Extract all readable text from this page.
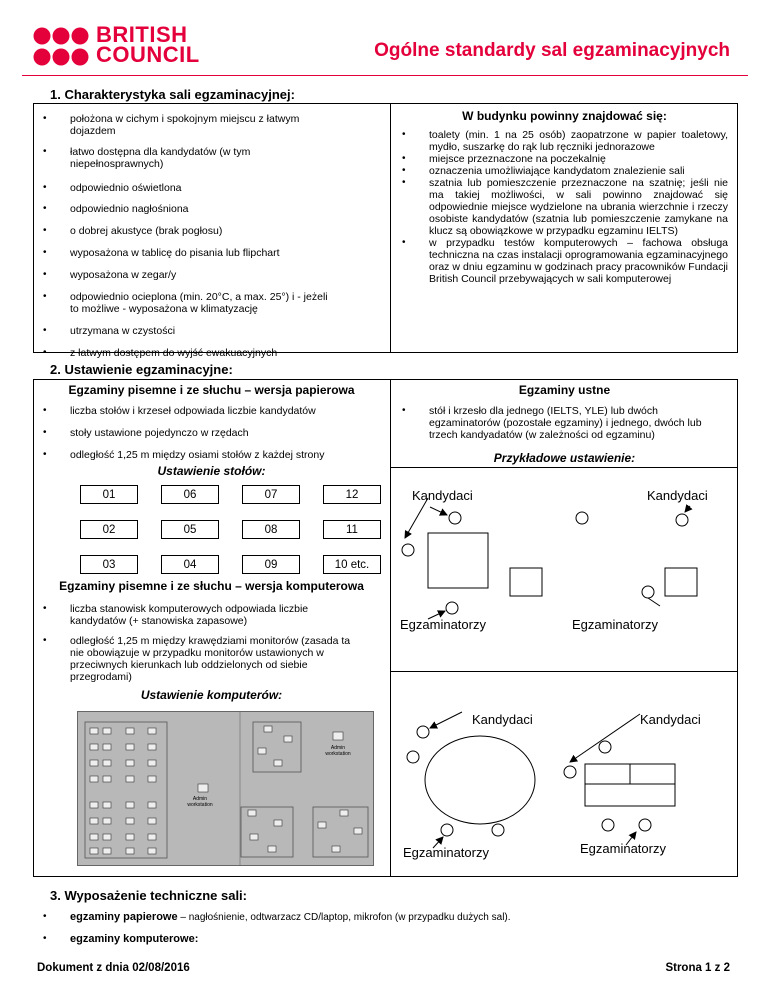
BRITISH
COUNCIL	Ogólne standardy sal egzaminacyjnych
1. Charakterystyka sali egzaminacyjnej:
• położona w cichym i spokojnym miejscu z łatwym dojazdem
• łatwo dostępna dla kandydatów (w tym niepełnosprawnych)
• odpowiednio oświetlona
• odpowiednio nagłośniona
• o dobrej akustyce (brak pogłosu)
• wyposażona w tablicę do pisania lub flipchart
• wyposażona w zegar/y
• odpowiednio ocieplona (min. 20°C, a max. 25°) i - jeżeli to możliwe - wyposażona w klimatyzację
• utrzymana w czystości
• z łatwym dostępem do wyjść ewakuacyjnych
W budynku powinny znajdować się:
• toalety (min. 1 na 25 osób) zaopatrzone w papier toaletowy, mydło, suszarkę do rąk lub ręczniki jednorazowe
• miejsce przeznaczone na poczekalnię
• oznaczenia umożliwiające kandydatom znalezienie sali
• szatnia lub pomieszczenie przeznaczone na szatnię; jeśli nie ma takiej możliwości, w sali powinno znajdować się odpowiednie miejsce wydzielone na ubrania wierzchnie i rzeczy osobiste kandydatów (szatnia lub pomieszczenie zamykane na klucz są obowiązkowe w przypadku egzaminu IELTS)
• w przypadku testów komputerowych – fachowa obsługa techniczna na czas instalacji oprogramowania egzaminacyjnego oraz w dniu egzaminu w godzinach pracy pracowników Fundacji British Council przebywających w sali komputerowej
2. Ustawienie egzaminacyjne:
Egzaminy pisemne i ze słuchu – wersja papierowa
• liczba stołów i krzeseł odpowiada liczbie kandydatów
• stoły ustawione pojedynczo w rzędach
• odległość 1,25 m między osiami stołów z każdej strony
Ustawienie stołów:
01		06		07		12

02		05		08		11

03		04		09		10 etc.
Egzaminy pisemne i ze słuchu – wersja komputerowa
• liczba stanowisk komputerowych odpowiada liczbie kandydatów (+ stanowiska zapasowe)
• odległość 1,25 m między krawędziami monitorów (zasada ta nie obowiązuje w przypadku monitorów ustawionych w przeciwnych kierunkach lub oddzielonych od siebie przegrodami)
Ustawienie komputerów:
Admin workstation
Admin workstation
Egzaminy ustne
• stół i krzesło dla jednego (IELTS, YLE) lub dwóch egzaminatorów (pozostałe egzaminy) i jednego, dwóch lub trzech kandyadatów (w zależności od egzaminu)
Przykładowe ustawienie:
Kandydaci	Kandydaci
Egzaminatorzy	Egzaminatorzy
Kandydaci	Kandydaci
Egzaminatorzy	Egzaminatorzy
3. Wyposażenie techniczne sali:
• egzaminy papierowe – nagłośnienie, odtwarzacz CD/laptop, mikrofon (w przypadku dużych sal).
• egzaminy komputerowe:
Dokument z dnia 02/08/2016	Strona 1 z 2
